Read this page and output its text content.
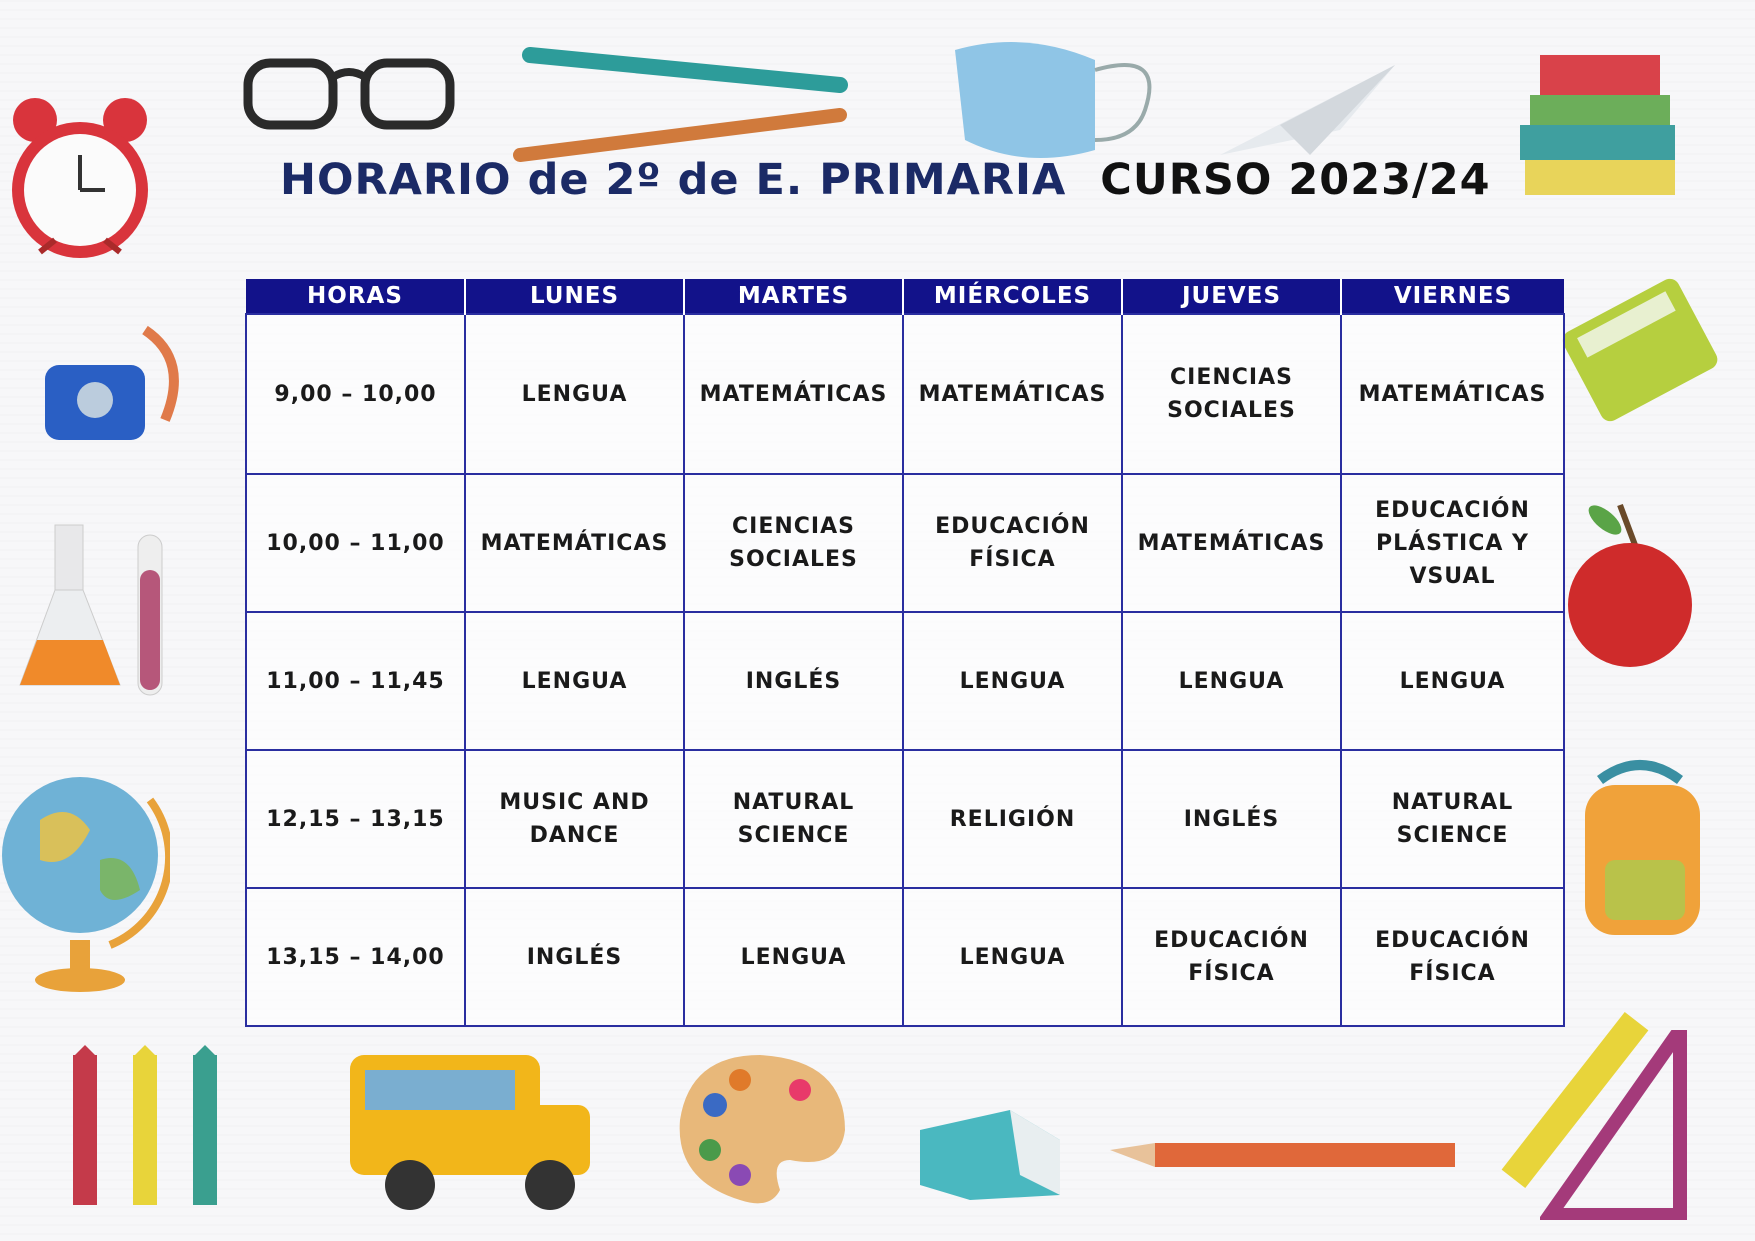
HORARIO de 2º de E. PRIMARIA CURSO 2023/24
HORAS	LUNES	MARTES	MIÉRCOLES	JUEVES	VIERNES
9,00 – 10,00	LENGUA	MATEMÁTICAS	MATEMÁTICAS	CIENCIAS SOCIALES	MATEMÁTICAS
10,00 – 11,00	MATEMÁTICAS	CIENCIAS SOCIALES	EDUCACIÓN FÍSICA	MATEMÁTICAS	EDUCACIÓN PLÁSTICA Y VSUAL
11,00 – 11,45	LENGUA	INGLÉS	LENGUA	LENGUA	LENGUA
12,15 – 13,15	MUSIC AND DANCE	NATURAL SCIENCE	RELIGIÓN	INGLÉS	NATURAL SCIENCE
13,15 – 14,00	INGLÉS	LENGUA	LENGUA	EDUCACIÓN FÍSICA	EDUCACIÓN FÍSICA
